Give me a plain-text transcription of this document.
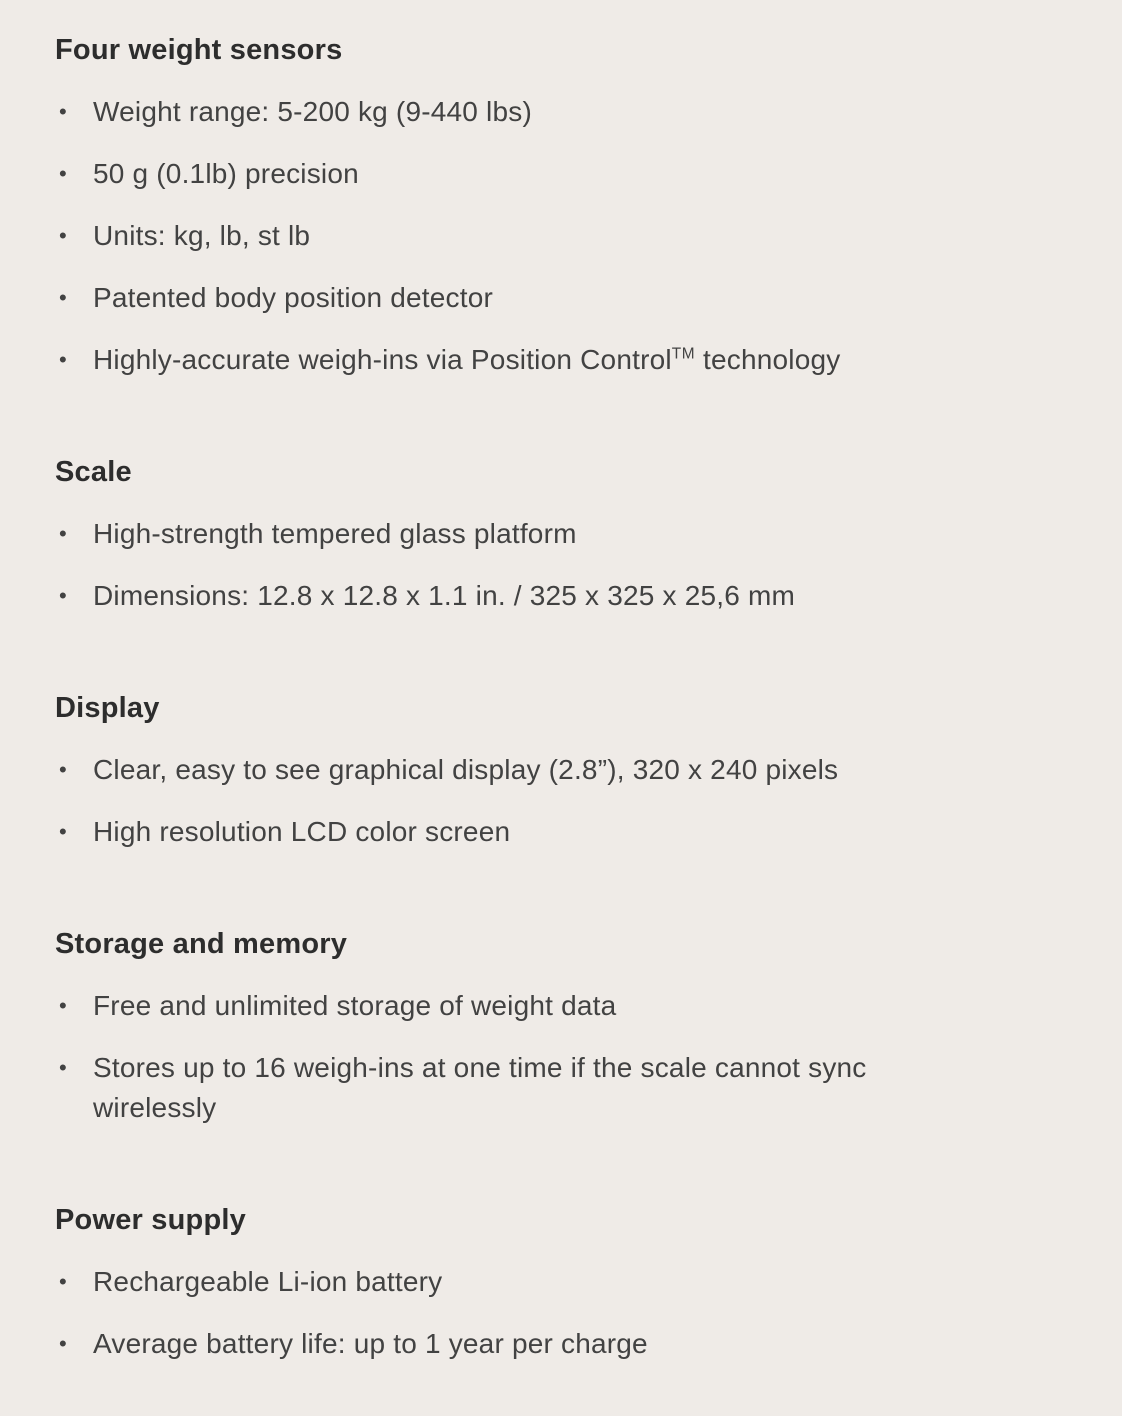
Four weight sensors
• Weight range: 5-200 kg (9-440 lbs)
• 50 g (0.1lb) precision
• Units: kg, lb, st lb
• Patented body position detector
• Highly-accurate weigh-ins via Position Control™ technology
Scale
• High-strength tempered glass platform
• Dimensions: 12.8 x 12.8 x 1.1 in. / 325 x 325 x 25,6 mm
Display
• Clear, easy to see graphical display (2.8”), 320 x 240 pixels
• High resolution LCD color screen
Storage and memory
• Free and unlimited storage of weight data
• Stores up to 16 weigh-ins at one time if the scale cannot sync wirelessly
Power supply
• Rechargeable Li-ion battery
• Average battery life: up to 1 year per charge
